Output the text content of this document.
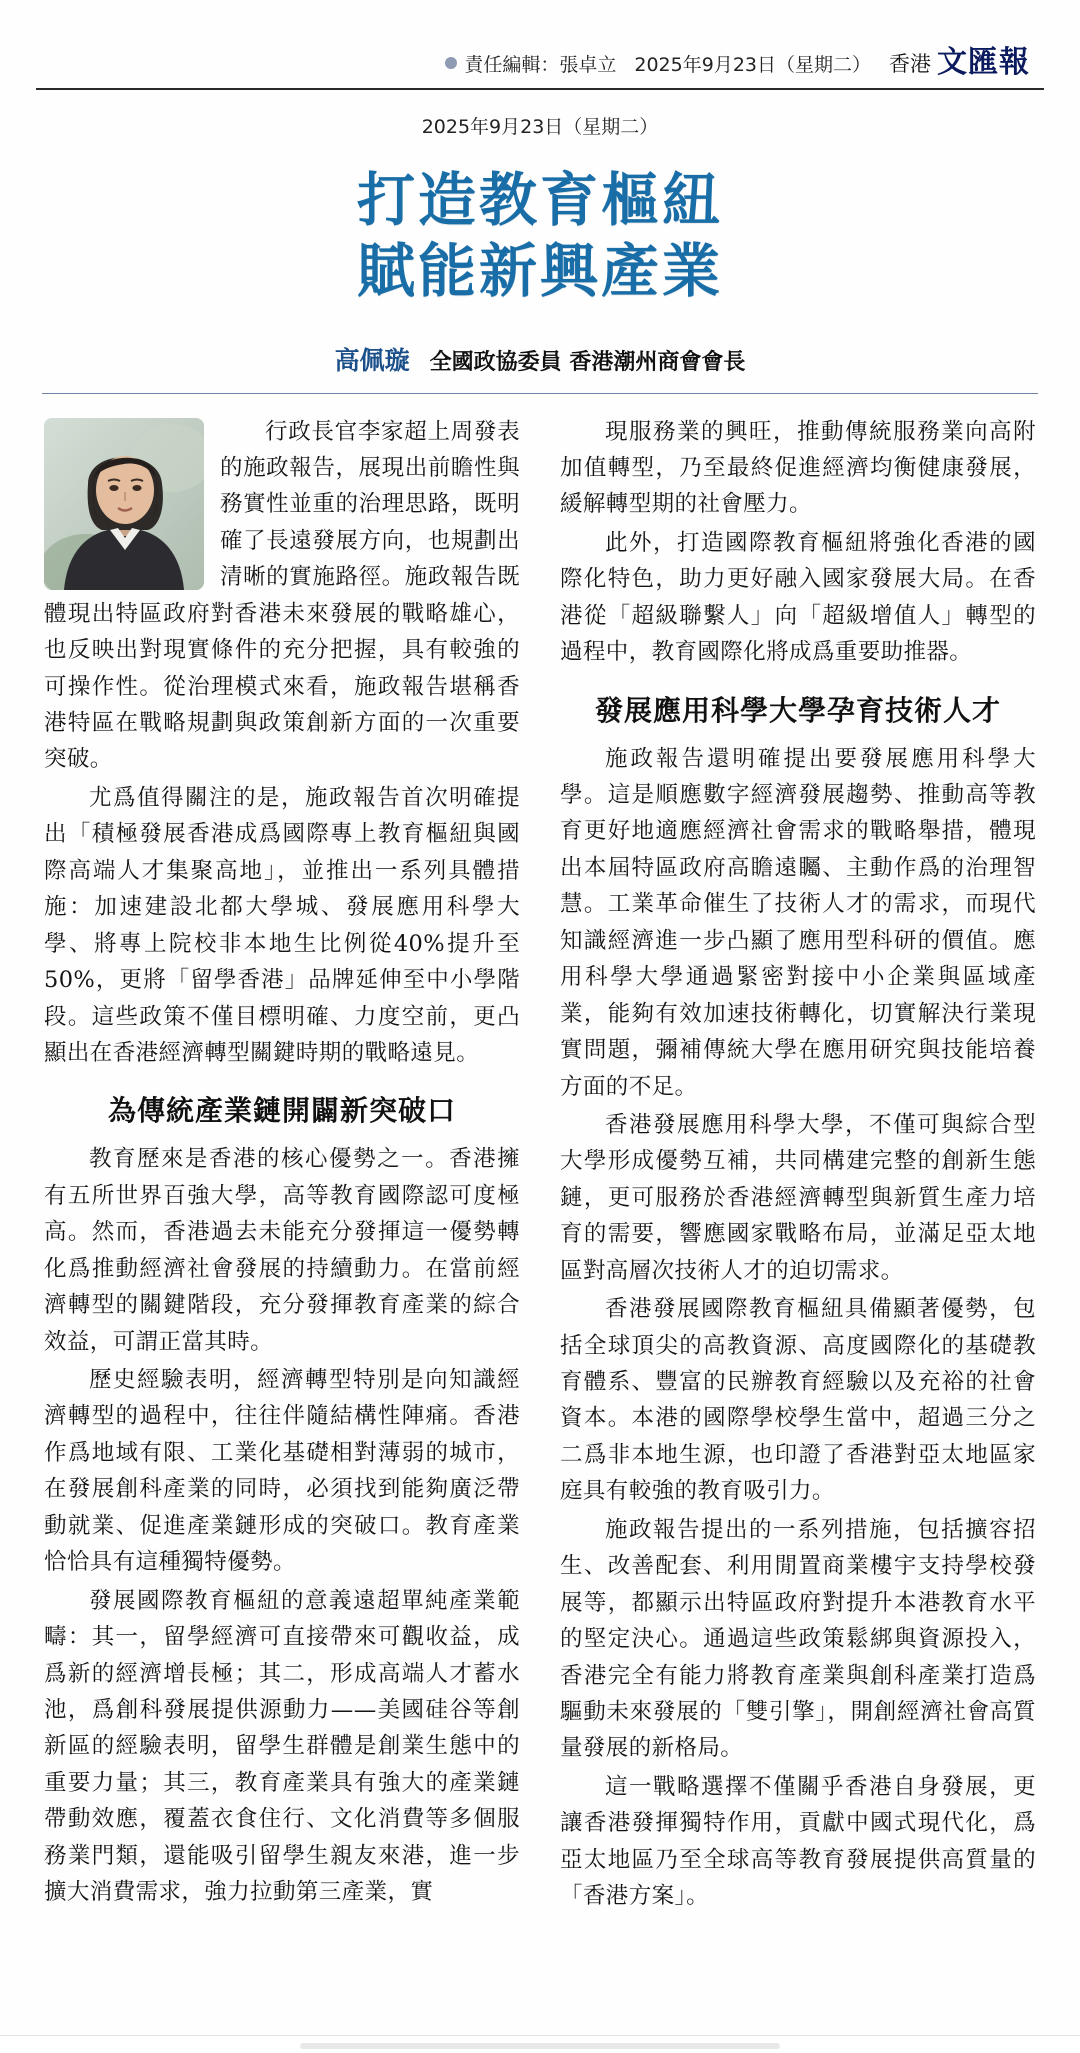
責任編輯：張卓立 2025年9月23日（星期二） 香港 文匯報
2025年9月23日（星期二）
打造教育樞紐
賦能新興產業
高佩璇 全國政協委員 香港潮州商會會長

行政長官李家超上周發表的施政報告，展現出前瞻性與務實性並重的治理思路，既明確了長遠發展方向，也規劃出清晰的實施路徑。施政報告既體現出特區政府對香港未來發展的戰略雄心，也反映出對現實條件的充分把握，具有較強的可操作性。從治理模式來看，施政報告堪稱香港特區在戰略規劃與政策創新方面的一次重要突破。

尤爲值得關注的是，施政報告首次明確提出「積極發展香港成爲國際專上教育樞紐與國際高端人才集聚高地」，並推出一系列具體措施：加速建設北都大學城、發展應用科學大學、將專上院校非本地生比例從40%提升至50%，更將「留學香港」品牌延伸至中小學階段。這些政策不僅目標明確、力度空前，更凸顯出在香港經濟轉型關鍵時期的戰略遠見。

為傳統產業鏈開闢新突破口

教育歷來是香港的核心優勢之一。香港擁有五所世界百強大學，高等教育國際認可度極高。然而，香港過去未能充分發揮這一優勢轉化爲推動經濟社會發展的持續動力。在當前經濟轉型的關鍵階段，充分發揮教育產業的綜合效益，可謂正當其時。

歷史經驗表明，經濟轉型特別是向知識經濟轉型的過程中，往往伴隨結構性陣痛。香港作爲地域有限、工業化基礎相對薄弱的城市，在發展創科產業的同時，必須找到能夠廣泛帶動就業、促進產業鏈形成的突破口。教育產業恰恰具有這種獨特優勢。

發展國際教育樞紐的意義遠超單純產業範疇：其一，留學經濟可直接帶來可觀收益，成爲新的經濟增長極；其二，形成高端人才蓄水池，爲創科發展提供源動力——美國硅谷等創新區的經驗表明，留學生群體是創業生態中的重要力量；其三，教育產業具有強大的產業鏈帶動效應，覆蓋衣食住行、文化消費等多個服務業門類，還能吸引留學生親友來港，進一步擴大消費需求，強力拉動第三產業，實

現服務業的興旺，推動傳統服務業向高附加值轉型，乃至最終促進經濟均衡健康發展，緩解轉型期的社會壓力。

此外，打造國際教育樞紐將強化香港的國際化特色，助力更好融入國家發展大局。在香港從「超級聯繫人」向「超級增值人」轉型的過程中，教育國際化將成爲重要助推器。

發展應用科學大學孕育技術人才

施政報告還明確提出要發展應用科學大學。這是順應數字經濟發展趨勢、推動高等教育更好地適應經濟社會需求的戰略舉措，體現出本屆特區政府高瞻遠矚、主動作爲的治理智慧。工業革命催生了技術人才的需求，而現代知識經濟進一步凸顯了應用型科研的價值。應用科學大學通過緊密對接中小企業與區域產業，能夠有效加速技術轉化，切實解決行業現實問題，彌補傳統大學在應用研究與技能培養方面的不足。

香港發展應用科學大學，不僅可與綜合型大學形成優勢互補，共同構建完整的創新生態鏈，更可服務於香港經濟轉型與新質生產力培育的需要，響應國家戰略布局，並滿足亞太地區對高層次技術人才的迫切需求。

香港發展國際教育樞紐具備顯著優勢，包括全球頂尖的高教資源、高度國際化的基礎教育體系、豐富的民辦教育經驗以及充裕的社會資本。本港的國際學校學生當中，超過三分之二爲非本地生源，也印證了香港對亞太地區家庭具有較強的教育吸引力。

施政報告提出的一系列措施，包括擴容招生、改善配套、利用閒置商業樓宇支持學校發展等，都顯示出特區政府對提升本港教育水平的堅定決心。通過這些政策鬆綁與資源投入，香港完全有能力將教育產業與創科產業打造爲驅動未來發展的「雙引擎」，開創經濟社會高質量發展的新格局。

這一戰略選擇不僅關乎香港自身發展，更讓香港發揮獨特作用，貢獻中國式現代化，爲亞太地區乃至全球高等教育發展提供高質量的「香港方案」。
